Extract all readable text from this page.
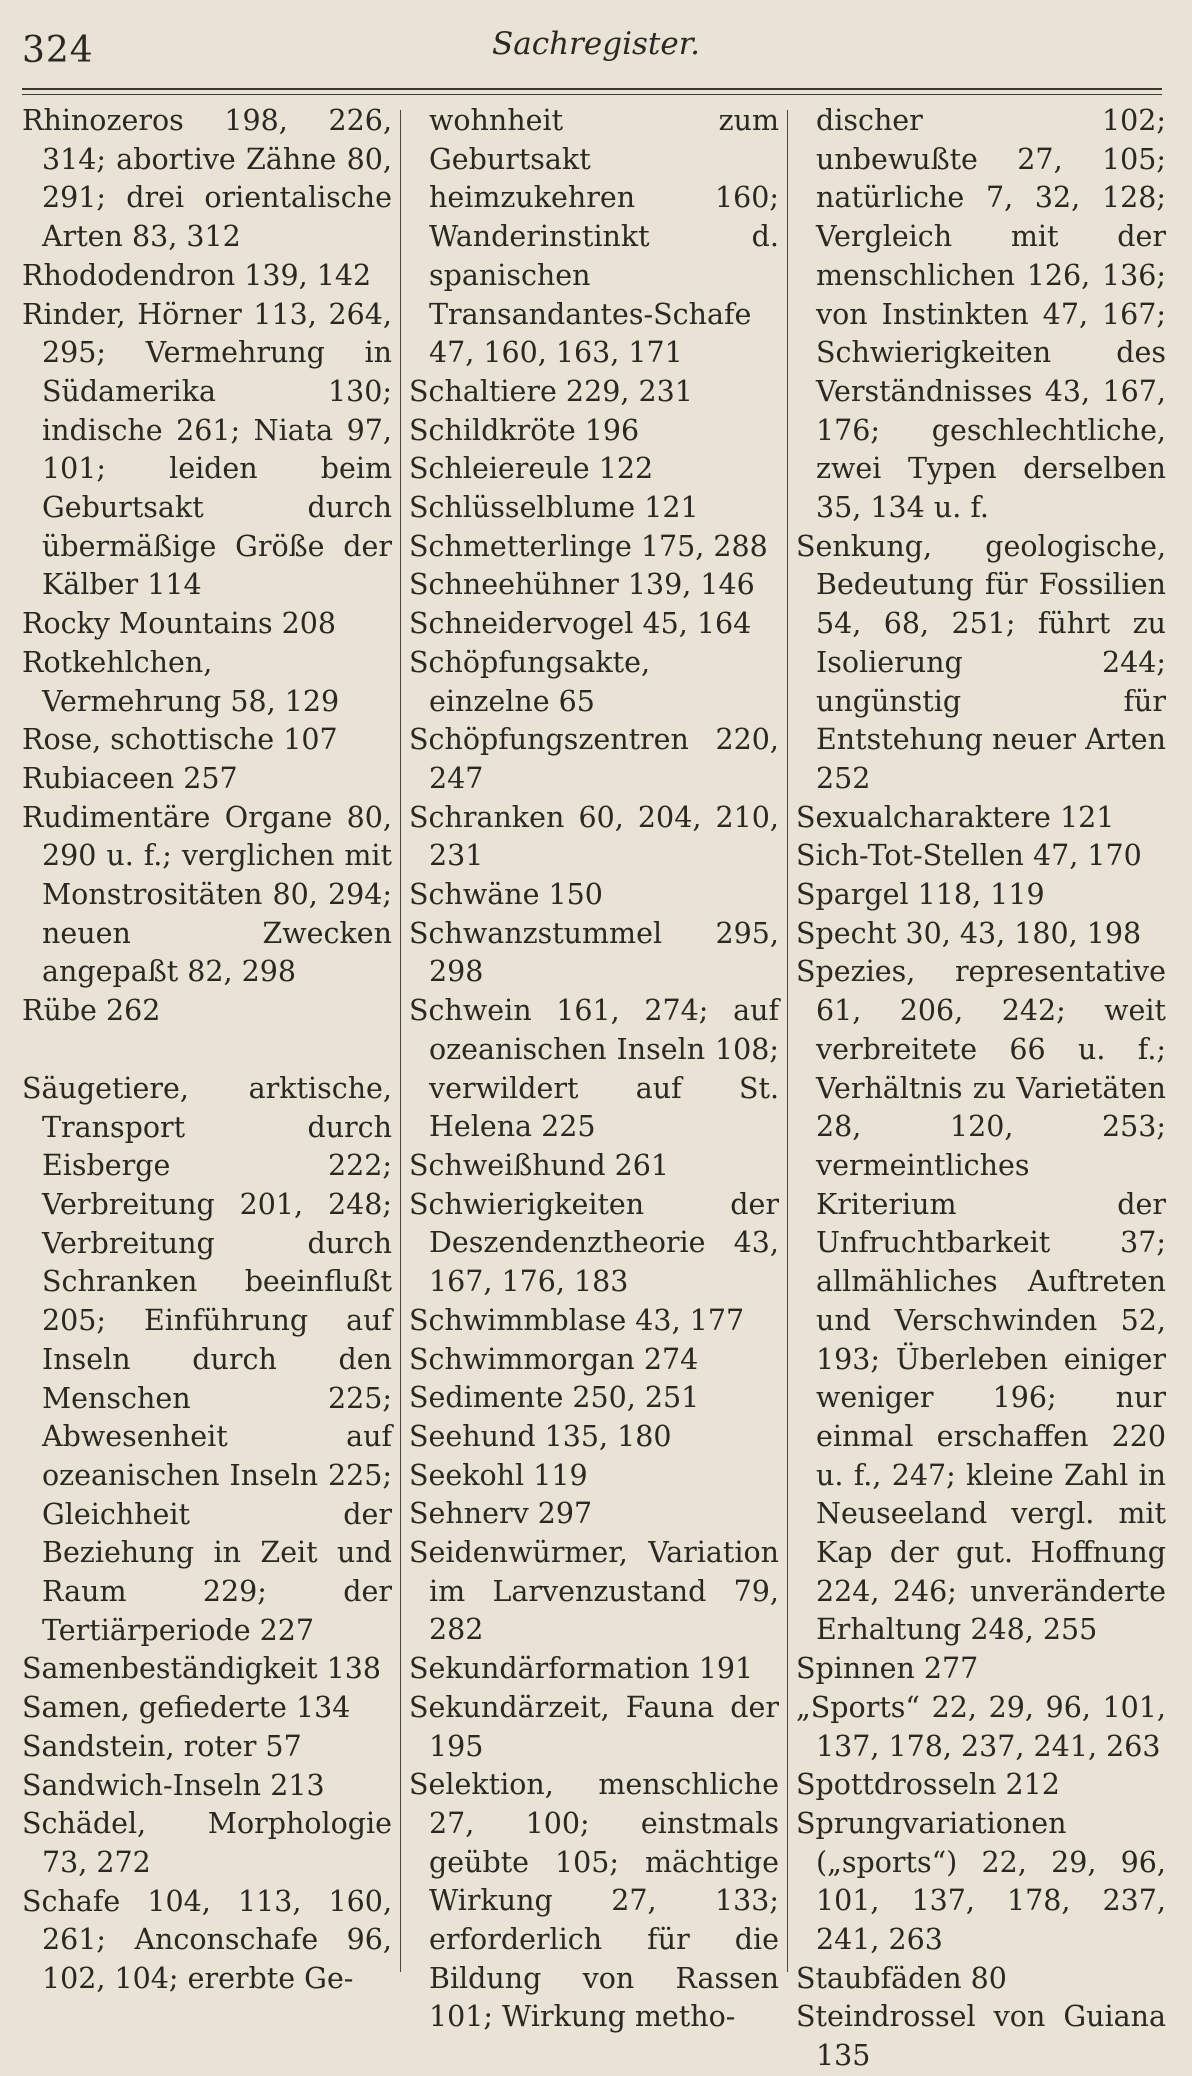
324	Sachregister.

Rhinozeros 198, 226, 314; abortive Zähne 80, 291; drei orientalische Arten 83, 312

Rhododendron 139, 142

Rinder, Hörner 113, 264, 295; Vermehrung in Südamerika 130; indische 261; Niata 97, 101; leiden beim Geburtsakt durch übermäßige Größe der Kälber 114

Rocky Mountains 208

Rotkehlchen, Vermehrung 58, 129

Rose, schottische 107

Rubiaceen 257

Rudimentäre Organe 80, 290 u. f.; verglichen mit Monstrositäten 80, 294; neuen Zwecken angepaßt 82, 298

Rübe 262

Säugetiere, arktische, Transport durch Eisberge 222; Verbreitung 201, 248; Verbreitung durch Schranken beeinflußt 205; Einführung auf Inseln durch den Menschen 225; Abwesenheit auf ozeanischen Inseln 225; Gleichheit der Beziehung in Zeit und Raum 229; der Tertiärperiode 227

Samenbeständigkeit 138

Samen, gefiederte 134

Sandstein, roter 57

Sandwich-Inseln 213

Schädel, Morphologie 73, 272

Schafe 104, 113, 160, 261; Anconschafe 96, 102, 104; ererbte Ge-

wohnheit zum Geburtsakt heimzukehren 160; Wanderinstinkt d. spanischen Transandantes-Schafe 47, 160, 163, 171

Schaltiere 229, 231

Schildkröte 196

Schleiereule 122

Schlüsselblume 121

Schmetterlinge 175, 288

Schneehühner 139, 146

Schneidervogel 45, 164

Schöpfungsakte, einzelne 65

Schöpfungszentren 220, 247

Schranken 60, 204, 210, 231

Schwäne 150

Schwanzstummel 295, 298

Schwein 161, 274; auf ozeanischen Inseln 108; verwildert auf St. Helena 225

Schweißhund 261

Schwierigkeiten der Deszendenztheorie 43, 167, 176, 183

Schwimmblase 43, 177

Schwimmorgan 274

Sedimente 250, 251

Seehund 135, 180

Seekohl 119

Sehnerv 297

Seidenwürmer, Variation im Larvenzustand 79, 282

Sekundärformation 191

Sekundärzeit, Fauna der 195

Selektion, menschliche 27, 100; einstmals geübte 105; mächtige Wirkung 27, 133; erforderlich für die Bildung von Rassen 101; Wirkung metho-

discher 102; unbewußte 27, 105; natürliche 7, 32, 128; Vergleich mit der menschlichen 126, 136; von Instinkten 47, 167; Schwierigkeiten des Verständnisses 43, 167, 176; geschlechtliche, zwei Typen derselben 35, 134 u. f.

Senkung, geologische, Bedeutung für Fossilien 54, 68, 251; führt zu Isolierung 244; ungünstig für Entstehung neuer Arten 252

Sexualcharaktere 121

Sich-Tot-Stellen 47, 170

Spargel 118, 119

Specht 30, 43, 180, 198

Spezies, representative 61, 206, 242; weit verbreitete 66 u. f.; Verhältnis zu Varietäten 28, 120, 253; vermeintliches Kriterium der Unfruchtbarkeit 37; allmähliches Auftreten und Verschwinden 52, 193; Überleben einiger weniger 196; nur einmal erschaffen 220 u. f., 247; kleine Zahl in Neuseeland vergl. mit Kap der gut. Hoffnung 224, 246; unveränderte Erhaltung 248, 255

Spinnen 277

„Sports“ 22, 29, 96, 101, 137, 178, 237, 241, 263

Spottdrosseln 212

Sprungvariationen („sports“) 22, 29, 96, 101, 137, 178, 237, 241, 263

Staubfäden 80

Steindrossel von Guiana 135
